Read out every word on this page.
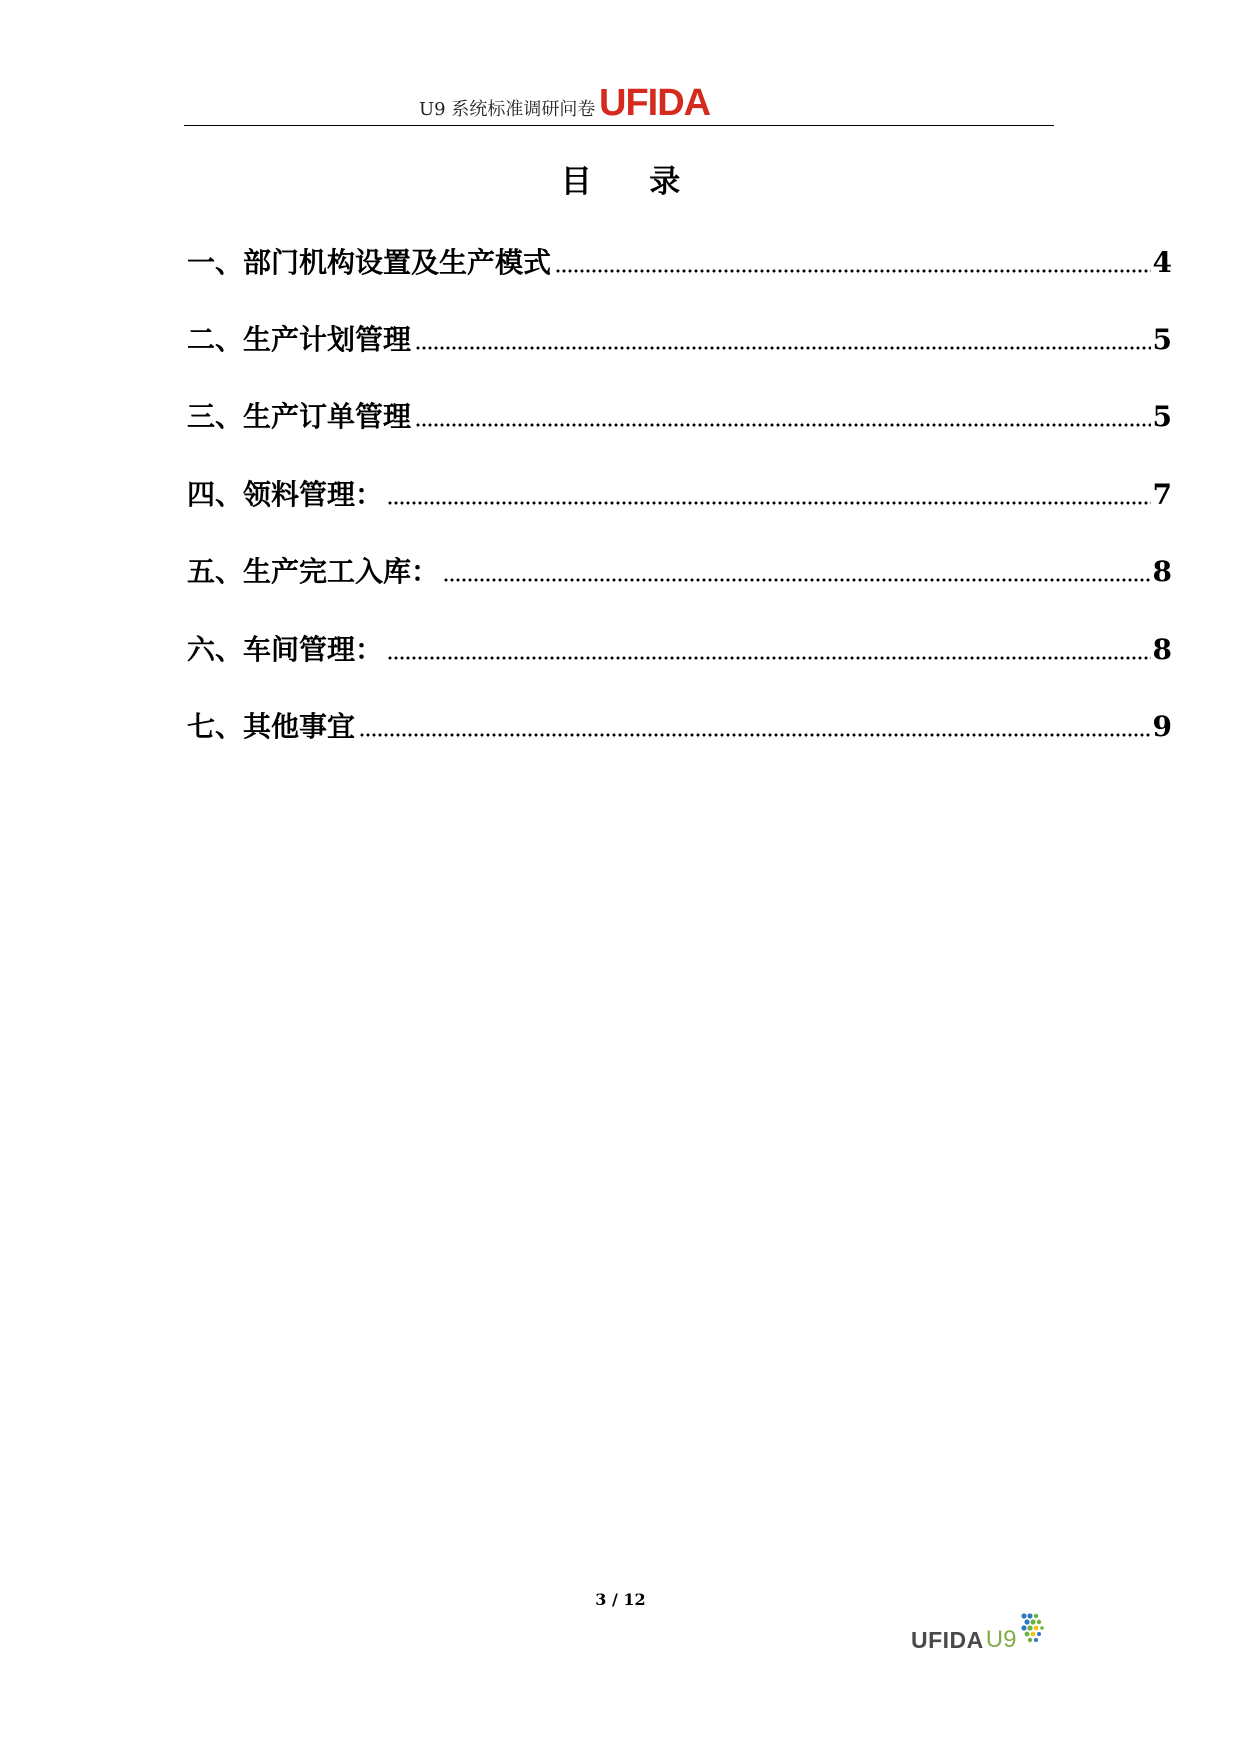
U9 系统标准调研问卷 UFIDA
目  录
一、部门机构设置及生产模式	4
二、生产计划管理	5
三、生产订单管理	5
四、领料管理：	7
五、生产完工入库：	8
六、车间管理：	8
七、其他事宜	9
3 / 12
UFIDA U9
